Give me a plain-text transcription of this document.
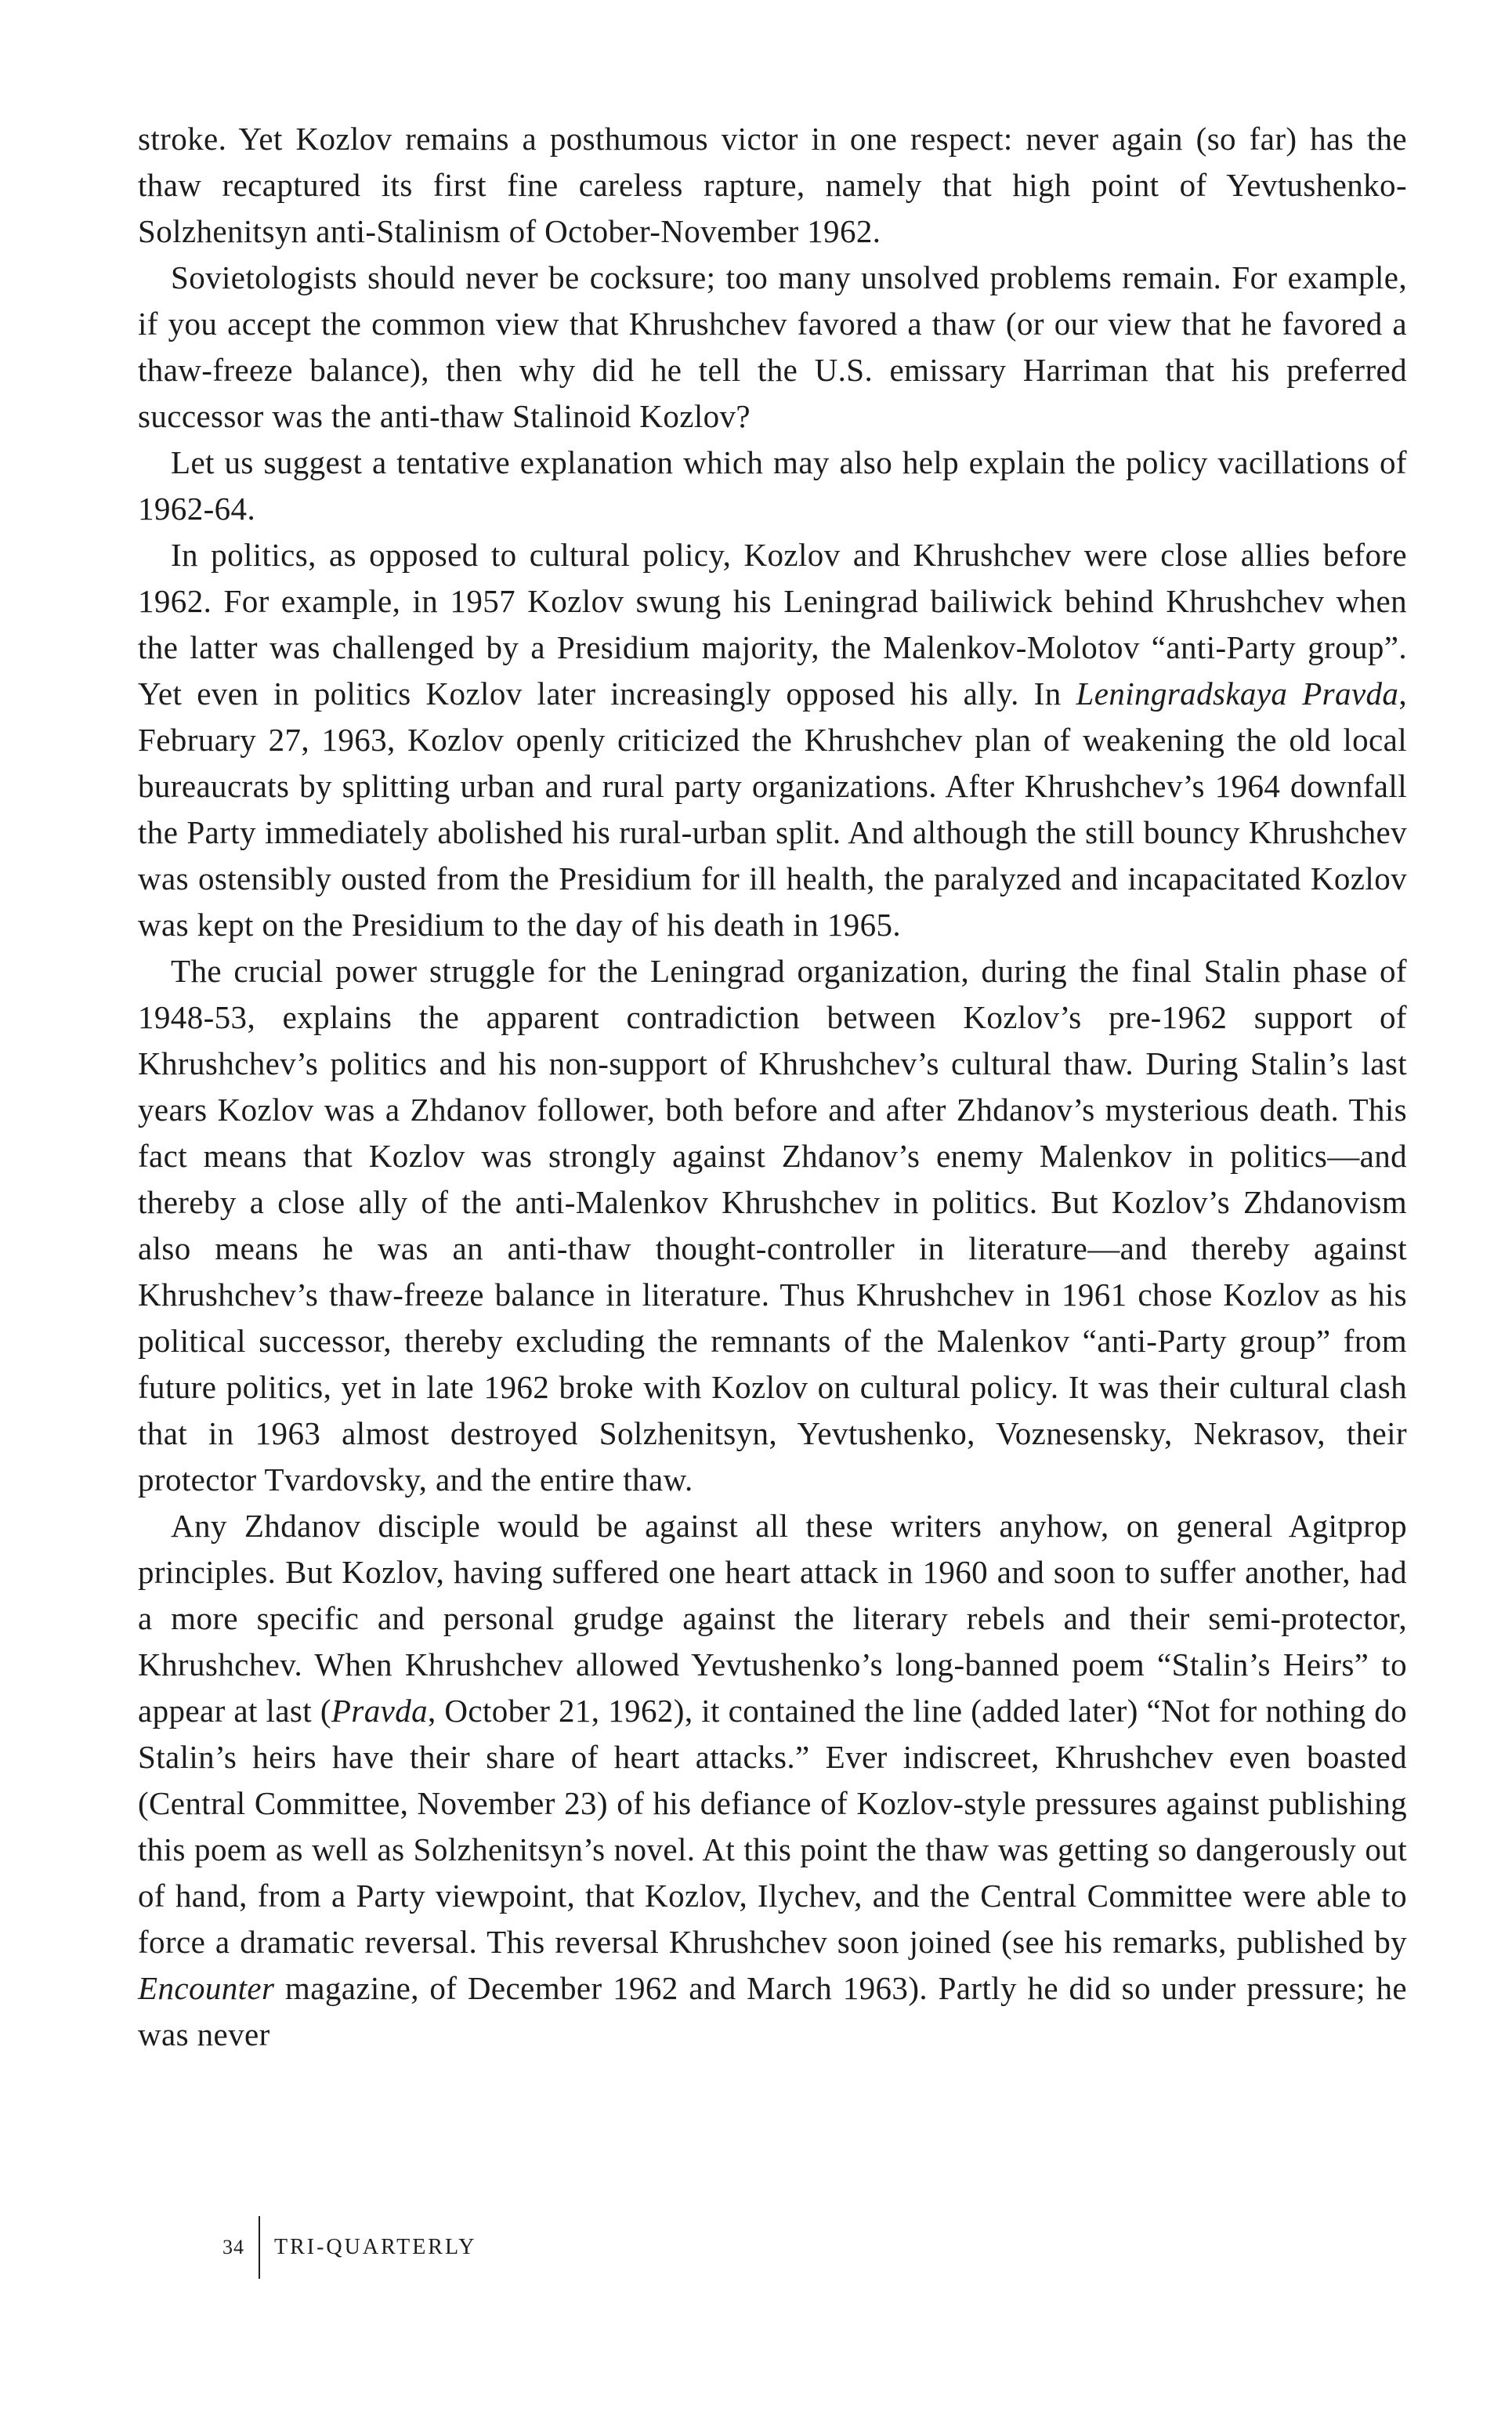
stroke. Yet Kozlov remains a posthumous victor in one respect: never again (so far) has the thaw recaptured its first fine careless rapture, namely that high point of Yevtushenko-Solzhenitsyn anti-Stalinism of October-November 1962.

Sovietologists should never be cocksure; too many unsolved problems remain. For example, if you accept the common view that Khrushchev favored a thaw (or our view that he favored a thaw-freeze balance), then why did he tell the U.S. emissary Harriman that his preferred successor was the anti-thaw Stalinoid Kozlov?

Let us suggest a tentative explanation which may also help explain the policy vacillations of 1962-64.

In politics, as opposed to cultural policy, Kozlov and Khrushchev were close allies before 1962. For example, in 1957 Kozlov swung his Leningrad bailiwick behind Khrushchev when the latter was challenged by a Presidium majority, the Malenkov-Molotov “anti-Party group”. Yet even in politics Kozlov later increasingly opposed his ally. In Leningradskaya Pravda, February 27, 1963, Kozlov openly criticized the Khrushchev plan of weakening the old local bureaucrats by splitting urban and rural party organizations. After Khrushchev’s 1964 downfall the Party immediately abolished his rural-urban split. And although the still bouncy Khrushchev was ostensibly ousted from the Presidium for ill health, the paralyzed and incapacitated Kozlov was kept on the Presidium to the day of his death in 1965.

The crucial power struggle for the Leningrad organization, during the final Stalin phase of 1948-53, explains the apparent contradiction between Kozlov’s pre-1962 support of Khrushchev’s politics and his non-support of Khrushchev’s cultural thaw. During Stalin’s last years Kozlov was a Zhdanov follower, both before and after Zhdanov’s mysterious death. This fact means that Kozlov was strongly against Zhdanov’s enemy Malenkov in politics—and thereby a close ally of the anti-Malenkov Khrushchev in politics. But Kozlov’s Zhdanovism also means he was an anti-thaw thought-controller in literature—and thereby against Khrushchev’s thaw-freeze balance in literature. Thus Khrushchev in 1961 chose Kozlov as his political successor, thereby excluding the remnants of the Malenkov “anti-Party group” from future politics, yet in late 1962 broke with Kozlov on cultural policy. It was their cultural clash that in 1963 almost destroyed Solzhenitsyn, Yevtushenko, Voznesensky, Nekrasov, their protector Tvardovsky, and the entire thaw.

Any Zhdanov disciple would be against all these writers anyhow, on general Agitprop principles. But Kozlov, having suffered one heart attack in 1960 and soon to suffer another, had a more specific and personal grudge against the literary rebels and their semi-protector, Khrushchev. When Khrushchev allowed Yevtushenko’s long-banned poem “Stalin’s Heirs” to appear at last (Pravda, October 21, 1962), it contained the line (added later) “Not for nothing do Stalin’s heirs have their share of heart attacks.” Ever indiscreet, Khrushchev even boasted (Central Committee, November 23) of his defiance of Kozlov-style pressures against publishing this poem as well as Solzhenitsyn’s novel. At this point the thaw was getting so dangerously out of hand, from a Party viewpoint, that Kozlov, Ilychev, and the Central Committee were able to force a dramatic reversal. This reversal Khrushchev soon joined (see his remarks, published by Encounter magazine, of December 1962 and March 1963). Partly he did so under pressure; he was never

34	TRI-QUARTERLY
